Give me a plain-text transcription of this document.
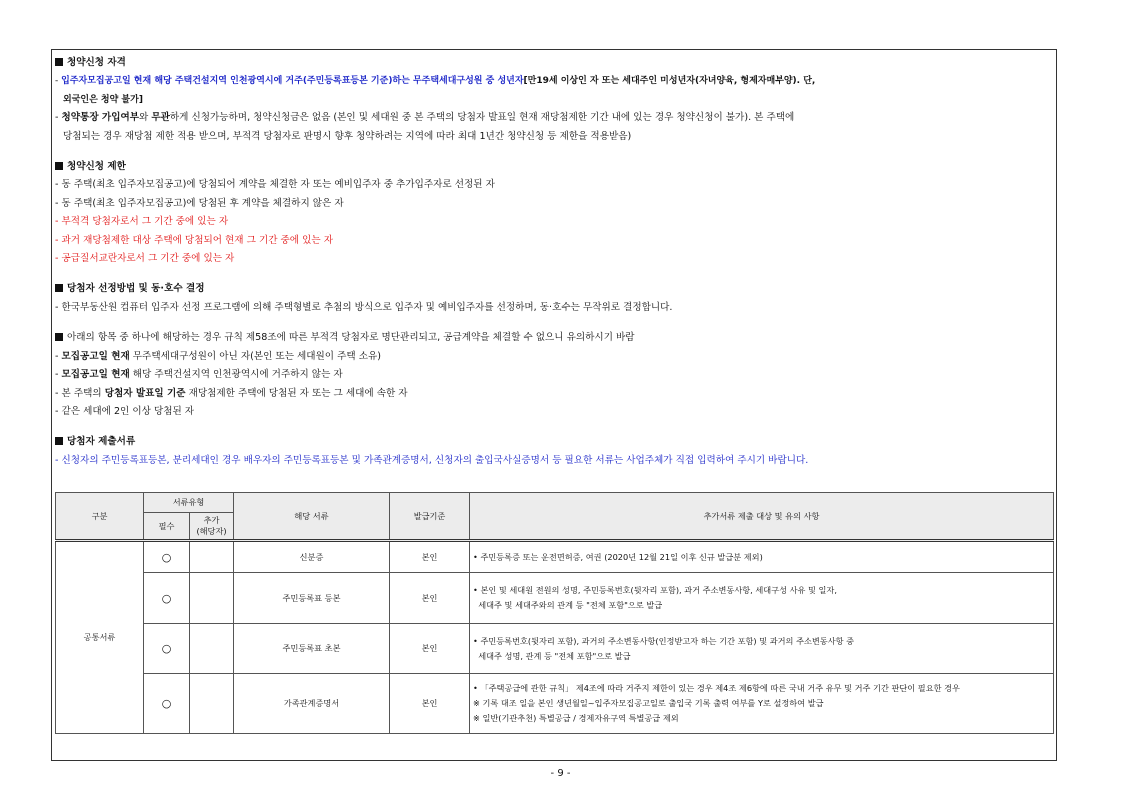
청약신청 자격
- 입주자모집공고일 현재 해당 주택건설지역 인천광역시에 거주(주민등록표등본 기준)하는 무주택세대구성원 중 성년자[만19세 이상인 자 또는 세대주인 미성년자(자녀양육, 형제자매부양). 단,
외국인은 청약 불가]
- 청약통장 가입여부와 무관하게 신청가능하며, 청약신청금은 없음 (본인 및 세대원 중 본 주택의 당첨자 발표일 현재 재당첨제한 기간 내에 있는 경우 청약신청이 불가). 본 주택에
당첨되는 경우 재당첨 제한 적용 받으며, 부적격 당첨자로 판명시 향후 청약하려는 지역에 따라 최대 1년간 청약신청 등 제한을 적용받음)
청약신청 제한
- 동 주택(최초 입주자모집공고)에 당첨되어 계약을 체결한 자 또는 예비입주자 중 추가입주자로 선정된 자
- 동 주택(최초 입주자모집공고)에 당첨된 후 계약을 체결하지 않은 자
- 부적격 당첨자로서 그 기간 중에 있는 자
- 과거 재당첨제한 대상 주택에 당첨되어 현재 그 기간 중에 있는 자
- 공급질서교란자로서 그 기간 중에 있는 자
당첨자 선정방법 및 동·호수 결정
- 한국부동산원 컴퓨터 입주자 선정 프로그램에 의해 주택형별로 추첨의 방식으로 입주자 및 예비입주자를 선정하며, 동·호수는 무작위로 결정합니다.
아래의 항목 중 하나에 해당하는 경우 규칙 제58조에 따른 부적격 당첨자로 명단관리되고, 공급계약을 체결할 수 없으니 유의하시기 바람
- 모집공고일 현재 무주택세대구성원이 아닌 자(본인 또는 세대원이 주택 소유)
- 모집공고일 현재 해당 주택건설지역 인천광역시에 거주하지 않는 자
- 본 주택의 당첨자 발표일 기준 재당첨제한 주택에 당첨된 자 또는 그 세대에 속한 자
- 같은 세대에 2인 이상 당첨된 자
당첨자 제출서류
- 신청자의 주민등록표등본, 분리세대인 경우 배우자의 주민등록표등본 및 가족관계증명서, 신청자의 출입국사실증명서 등 필요한 서류는 사업주체가 직접 입력하여 주시기 바랍니다.
구분	서류유형		해당 서류	발급기준	추가서류 제출 대상 및 유의 사항
	필수	추가
(해당자)			
공통서류	○		신분증	본인	• 주민등록증 또는 운전면허증, 여권 (2020년 12월 21일 이후 신규 발급분 제외)

	○		주민등록표 등본	본인	• 본인 및 세대원 전원의 성명, 주민등록번호(뒷자리 포함), 과거 주소변동사항, 세대구성 사유 및 일자,
세대주 및 세대주와의 관계 등 "전체 포함"으로 발급

	○		주민등록표 초본	본인	• 주민등록번호(뒷자리 포함), 과거의 주소변동사항(인정받고자 하는 기간 포함) 및 과거의 주소변동사항 중
세대주 성명, 관계 등 "전체 포함"으로 발급

	○		가족관계증명서	본인	• 「주택공급에 관한 규칙」 제4조에 따라 거주지 제한이 있는 경우 제4조 제6항에 따른 국내 거주 유무 및 거주 기간 판단이 필요한 경우
※ 기록 대조 일을 본인 생년월일~입주자모집공고일로 출입국 기록 출력 여부를 Y로 설정하여 발급
※ 일반(기관추천) 특별공급 / 경제자유구역 특별공급 제외
- 9 -
